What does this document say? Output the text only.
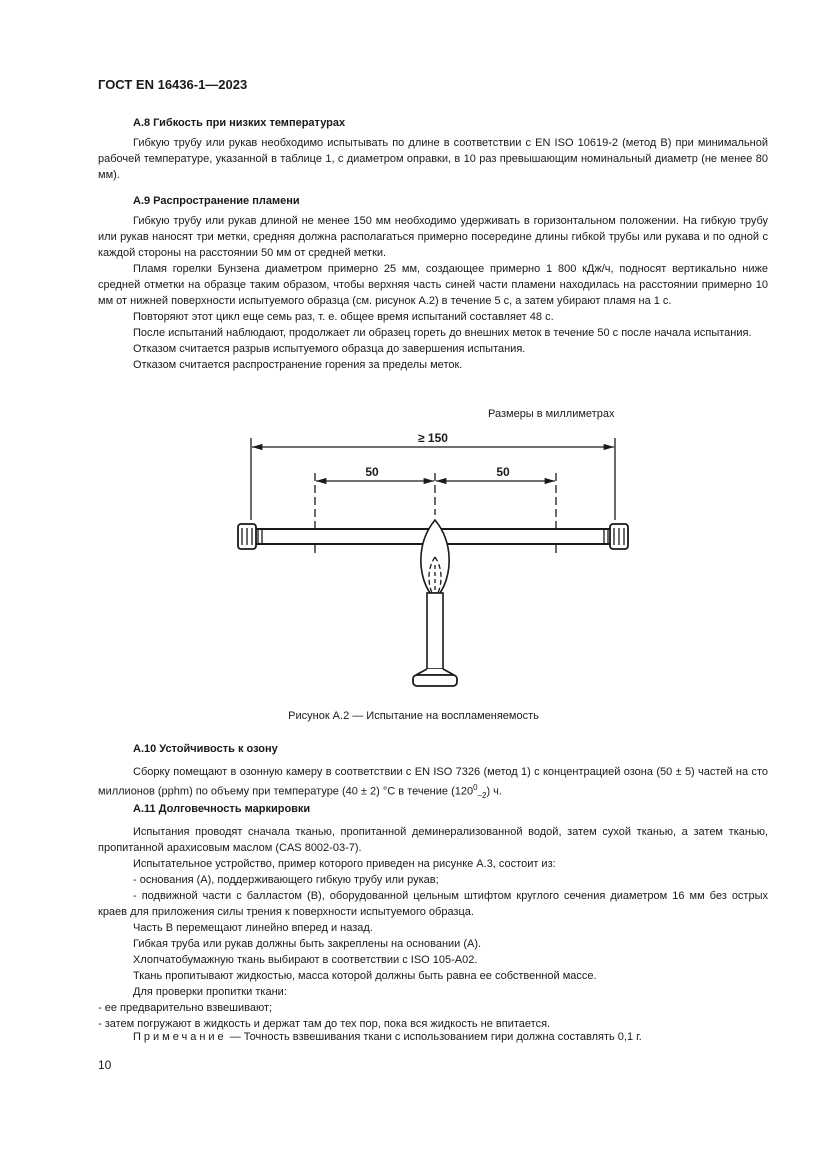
ГОСТ EN 16436-1—2023
А.8 Гибкость при низких температурах

Гибкую трубу или рукав необходимо испытывать по длине в соответствии с EN ISO 10619-2 (метод В) при минимальной рабочей температуре, указанной в таблице 1, с диаметром оправки, в 10 раз превышающим номинальный диаметр (не менее 80 мм).

А.9 Распространение пламени

Гибкую трубу или рукав длиной не менее 150 мм необходимо удерживать в горизонтальном положении. На гибкую трубу или рукав наносят три метки, средняя должна располагаться примерно посередине длины гибкой трубы или рукава и по одной с каждой стороны на расстоянии 50 мм от средней метки.

Пламя горелки Бунзена диаметром примерно 25 мм, создающее примерно 1 800 кДж/ч, подносят вертикально ниже средней отметки на образце таким образом, чтобы верхняя часть синей части пламени находилась на расстоянии примерно 10 мм от нижней поверхности испытуемого образца (см. рисунок А.2) в течение 5 с, а затем убирают пламя на 1 с.

Повторяют этот цикл еще семь раз, т. е. общее время испытаний составляет 48 с.

После испытаний наблюдают, продолжает ли образец гореть до внешних меток в течение 50 с после начала испытания.

Отказом считается разрыв испытуемого образца до завершения испытания.

Отказом считается распространение горения за пределы меток.

Размеры в миллиметрах
≥ 150
50	50
Рисунок А.2 — Испытание на воспламеняемость
А.10 Устойчивость к озону

Сборку помещают в озонную камеру в соответствии с EN ISO 7326 (метод 1) с концентрацией озона (50 ± 5) частей на сто миллионов (pphm) по объему при температуре (40 ± 2) °С в течение $(120^0_{-2})$ ч.

А.11 Долговечность маркировки

Испытания проводят сначала тканью, пропитанной деминерализованной водой, затем сухой тканью, а затем тканью, пропитанной арахисовым маслом (CAS 8002-03-7).

Испытательное устройство, пример которого приведен на рисунке А.3, состоит из:

- основания (А), поддерживающего гибкую трубу или рукав;

- подвижной части с балластом (В), оборудованной цельным штифтом круглого сечения диаметром 16 мм без острых краев для приложения силы трения к поверхности испытуемого образца.

Часть В перемещают линейно вперед и назад.

Гибкая труба или рукав должны быть закреплены на основании (А).

Хлопчатобумажную ткань выбирают в соответствии с ISO 105-А02.

Ткань пропитывают жидкостью, масса которой должны быть равна ее собственной массе.

Для проверки пропитки ткани:

- ее предварительно взвешивают;

- затем погружают в жидкость и держат там до тех пор, пока вся жидкость не впитается.

Примечание — Точность взвешивания ткани с использованием гири должна составлять 0,1 г.
10
